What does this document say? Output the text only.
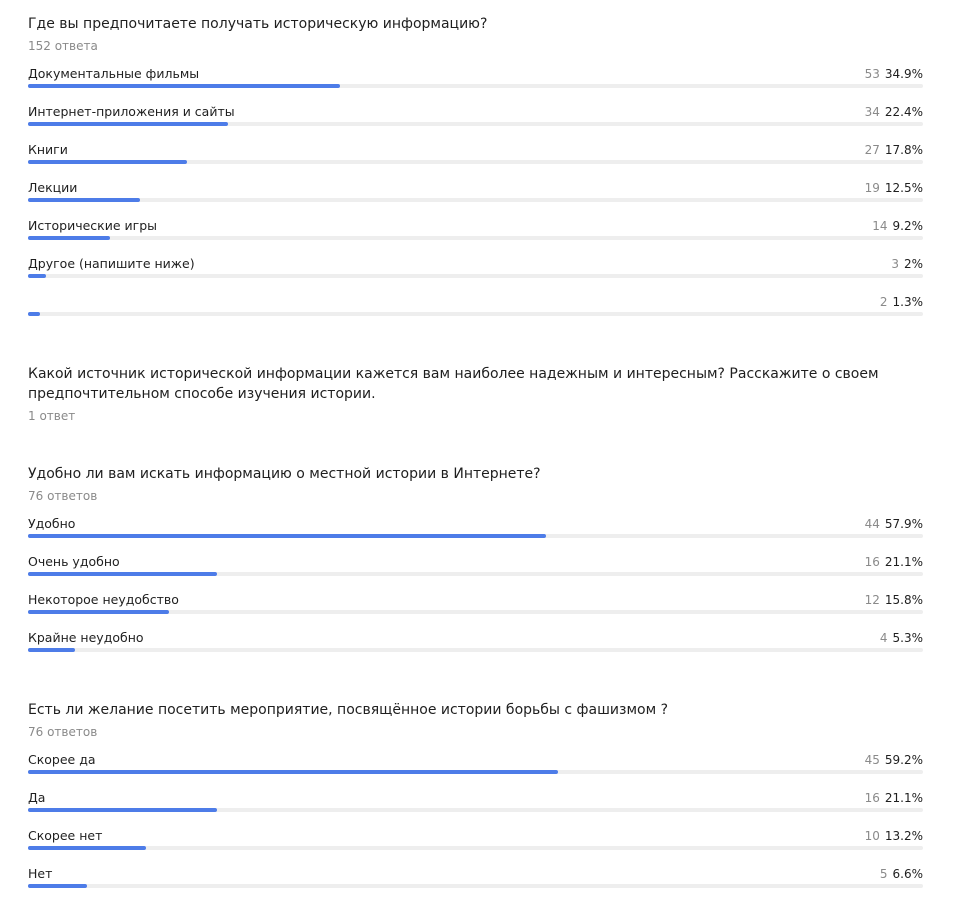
Где вы предпочитаете получать историческую информацию?
152 ответа
Документальные фильмы	53 34.9%
Интернет-приложения и сайты	34 22.4%
Книги	27 17.8%
Лекции	19 12.5%
Исторические игры	14 9.2%
Другое (напишите ниже)	3 2%
2 1.3%
Какой источник исторической информации кажется вам наиболее надежным и интересным? Расскажите о своем предпочтительном способе изучения истории.
1 ответ
Удобно ли вам искать информацию о местной истории в Интернете?
76 ответов
Удобно	44 57.9%
Очень удобно	16 21.1%
Некоторое неудобство	12 15.8%
Крайне неудобно	4 5.3%
Есть ли желание посетить мероприятие, посвящённое истории борьбы с фашизмом ?
76 ответов
Скорее да	45 59.2%
Да	16 21.1%
Скорее нет	10 13.2%
Нет	5 6.6%
